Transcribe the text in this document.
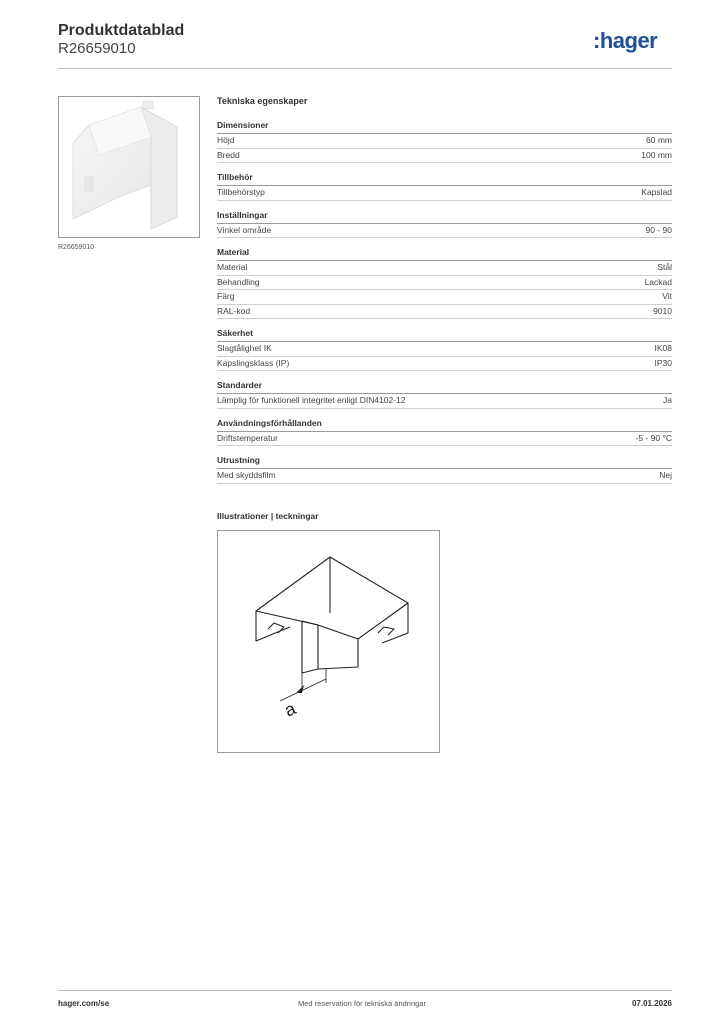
Produktdatablad
R26659010	:hager
R26659010
Tekniska egenskaper
Dimensioner
Höjd	60 mm
Bredd	100 mm
Tillbehör
Tillbehörstyp	Kapslad
Inställningar
Vinkel område	90 - 90
Material
Material	Stål
Behandling	Lackad
Färg	Vit
RAL-kod	9010
Säkerhet
Slagtålighet IK	IK08
Kapslingsklass (IP)	IP30
Standarder
Lämplig för funktionell integritet enligt DIN4102-12	Ja
Användningsförhållanden
Driftstemperatur	-5 - 90 °C
Utrustning
Med skyddsfilm	Nej
Illustrationer | teckningar
a
Med reservation för tekniska ändringar
hager.com/se	07.01.2026
